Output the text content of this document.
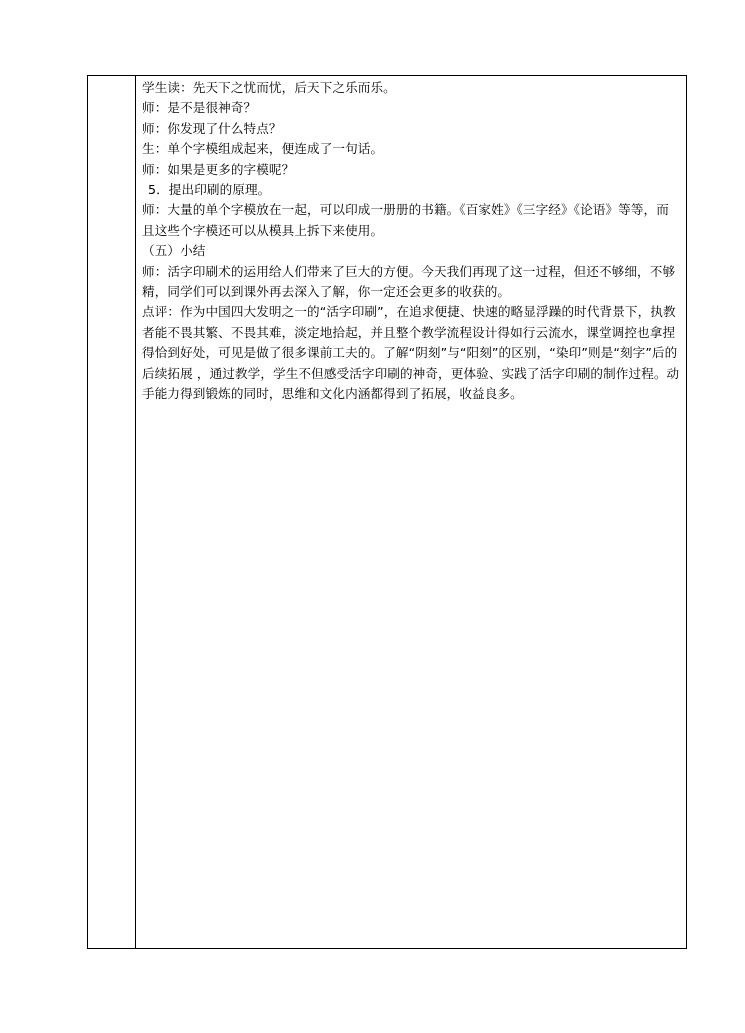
学生读：先天下之忧而忧，后天下之乐而乐。

师：是不是很神奇？

师：你发现了什么特点？

生：单个字模组成起来，便连成了一句话。

师：如果是更多的字模呢？

5．提出印刷的原理。

师：大量的单个字模放在一起，可以印成一册册的书籍。《百家姓》《三字经》《论语》等等，而且这些个字模还可以从模具上拆下来使用。

（五）小结

师：活字印刷术的运用给人们带来了巨大的方便。今天我们再现了这一过程，但还不够细，不够精，同学们可以到课外再去深入了解，你一定还会更多的收获的。

点评：作为中国四大发明之一的“活字印刷”，在追求便捷、快速的略显浮躁的时代背景下，执教者能不畏其繁、不畏其难，淡定地拾起，并且整个教学流程设计得如行云流水，课堂调控也拿捏得恰到好处，可见是做了很多课前工夫的。了解“阴刻”与“阳刻”的区别，“染印”则是“刻字”后的后续拓展 ，通过教学，学生不但感受活字印刷的神奇，更体验、实践了活字印刷的制作过程。动手能力得到锻炼的同时，思维和文化内涵都得到了拓展，收益良多。
